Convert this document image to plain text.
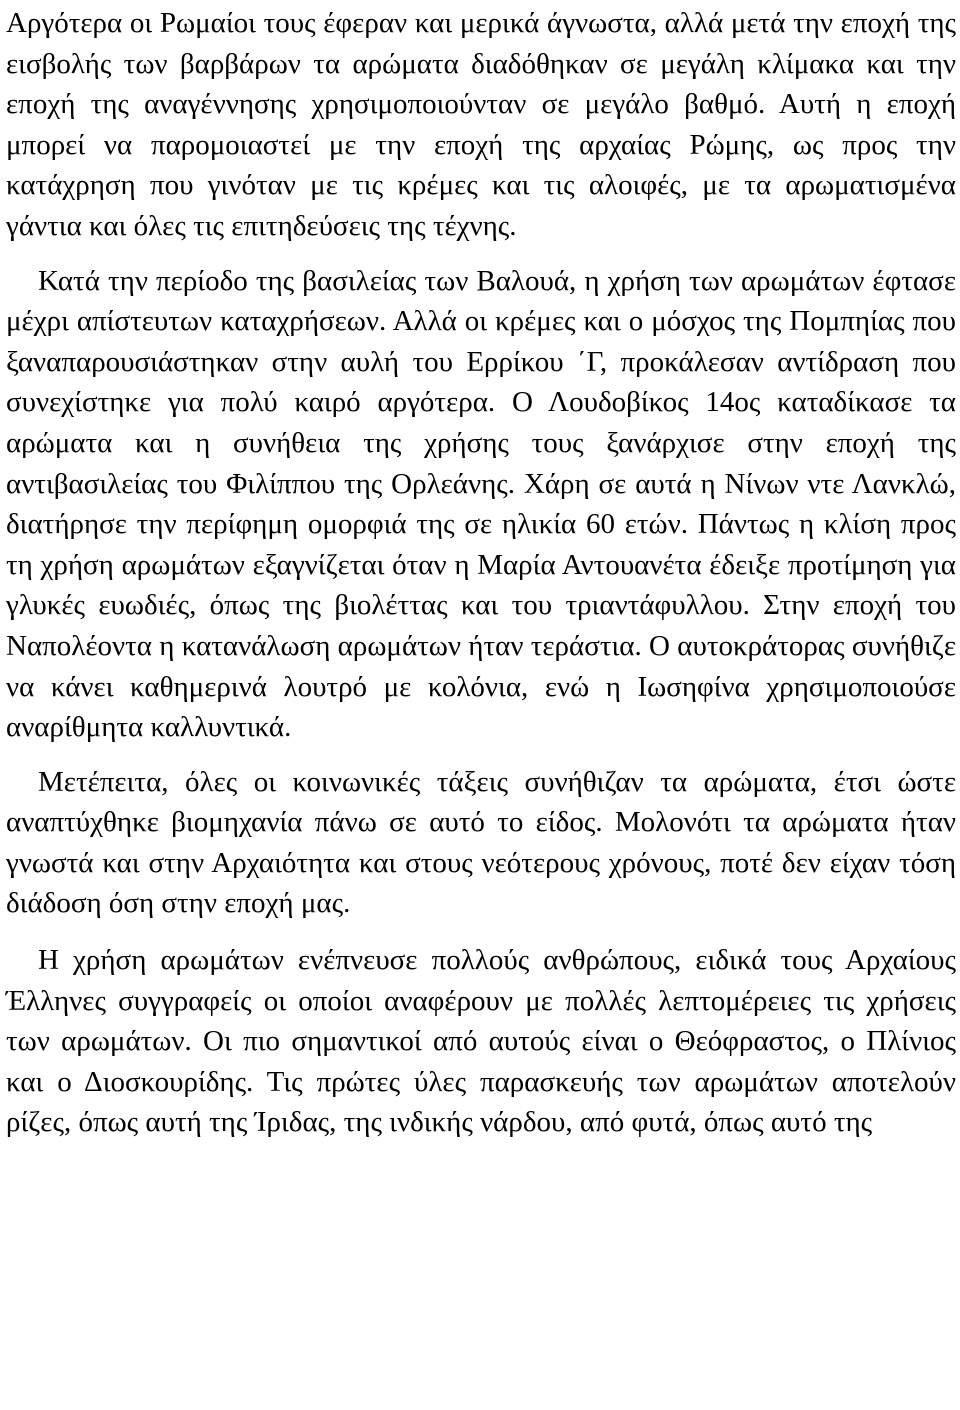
Αργότερα οι Ρωμαίοι τους έφεραν και μερικά άγνωστα, αλλά μετά την εποχή της εισβολής των βαρβάρων τα αρώματα διαδόθηκαν σε μεγάλη κλίμακα και την εποχή της αναγέννησης χρησιμοποιούνταν σε μεγάλο βαθμό. Αυτή η εποχή μπορεί να παρομοιαστεί με την εποχή της αρχαίας Ρώμης, ως προς την κατάχρηση που γινόταν με τις κρέμες και τις αλοιφές, με τα αρωματισμένα γάντια και όλες τις επιτηδεύσεις της τέχνης.

Κατά την περίοδο της βασιλείας των Βαλουά, η χρήση των αρωμάτων έφτασε μέχρι απίστευτων καταχρήσεων. Αλλά οι κρέμες και ο μόσχος της Πομπηίας που ξαναπαρουσιάστηκαν στην αυλή του Ερρίκου ΄Γ, προκάλεσαν αντίδραση που συνεχίστηκε για πολύ καιρό αργότερα. Ο Λουδοβίκος 14ος καταδίκασε τα αρώματα και η συνήθεια της χρήσης τους ξανάρχισε στην εποχή της αντιβασιλείας του Φιλίππου της Ορλεάνης. Χάρη σε αυτά η Νίνων ντε Λανκλώ, διατήρησε την περίφημη ομορφιά της σε ηλικία 60 ετών. Πάντως η κλίση προς τη χρήση αρωμάτων εξαγνίζεται όταν η Μαρία Αντουανέτα έδειξε προτίμηση για γλυκές ευωδιές, όπως της βιολέττας και του τριαντάφυλλου. Στην εποχή του Ναπολέοντα η κατανάλωση αρωμάτων ήταν τεράστια. Ο αυτοκράτορας συνήθιζε να κάνει καθημερινά λουτρό με κολόνια, ενώ η Ιωσηφίνα χρησιμοποιούσε αναρίθμητα καλλυντικά.

Μετέπειτα, όλες οι κοινωνικές τάξεις συνήθιζαν τα αρώματα, έτσι ώστε αναπτύχθηκε βιομηχανία πάνω σε αυτό το είδος. Μολονότι τα αρώματα ήταν γνωστά και στην Αρχαιότητα και στους νεότερους χρόνους, ποτέ δεν είχαν τόση διάδοση όση στην εποχή μας.

Η χρήση αρωμάτων ενέπνευσε πολλούς ανθρώπους, ειδικά τους Αρχαίους Έλληνες συγγραφείς οι οποίοι αναφέρουν με πολλές λεπτομέρειες τις χρήσεις των αρωμάτων. Οι πιο σημαντικοί από αυτούς είναι ο Θεόφραστος, ο Πλίνιος και ο Διοσκουρίδης. Τις πρώτες ύλες παρασκευής των αρωμάτων αποτελούν ρίζες, όπως αυτή της Ίριδας, της ινδικής νάρδου, από φυτά, όπως αυτό της
